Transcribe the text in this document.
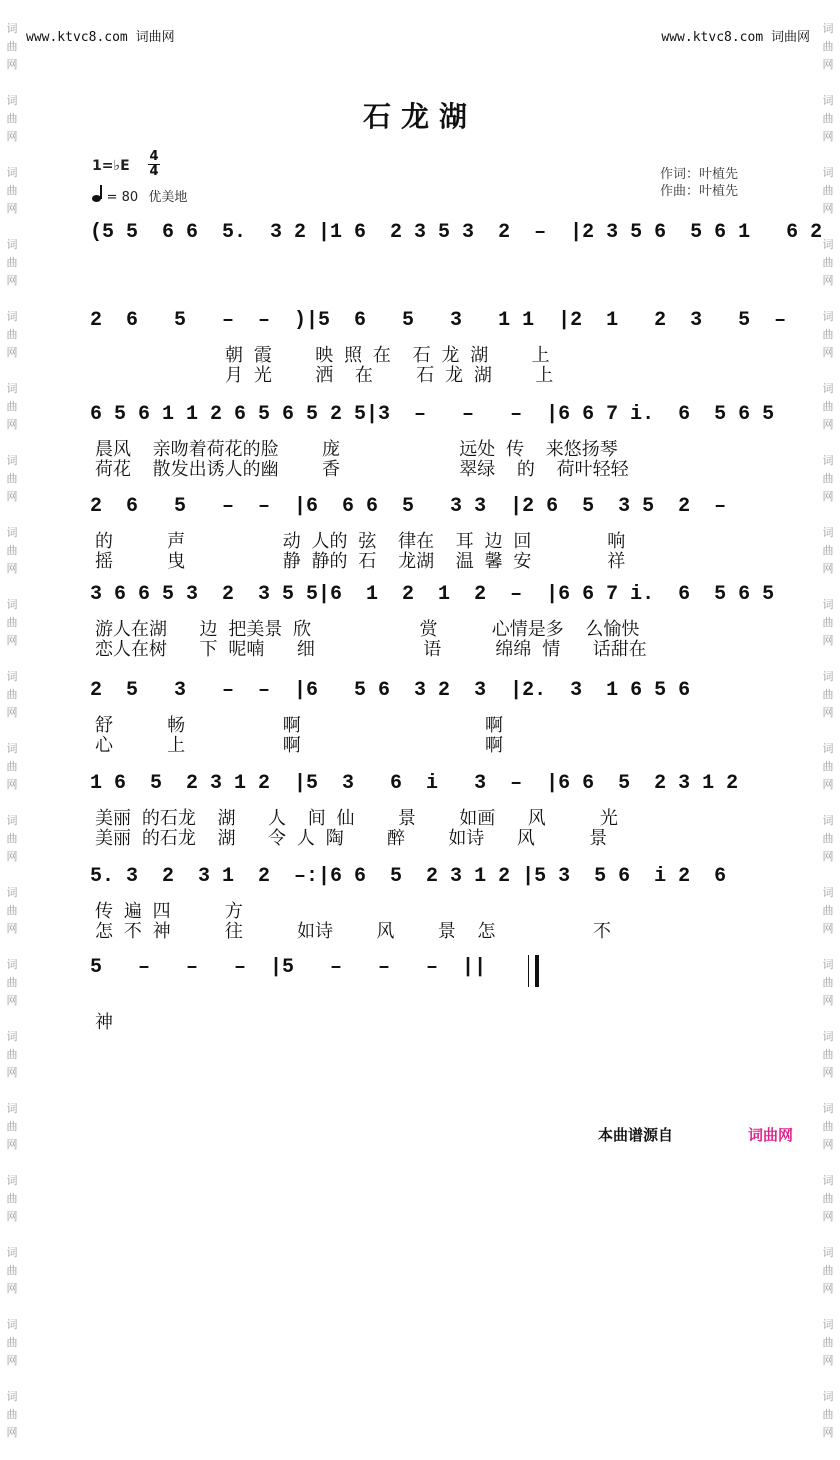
词
曲
网

词
曲
网

词
曲
网

词
曲
网

词
曲
网

词
曲
网

词
曲
网

词
曲
网

词
曲
网

词
曲
网

词
曲
网

词
曲
网

词
曲
网

词
曲
网

词
曲
网

词
曲
网

词
曲
网

词
曲
网

词
曲
网

词
曲
网

词
曲
网

词
曲
网

词
曲
网

词
曲
网

词
曲
网

词
曲
网

词
曲
网

词
曲
网

词
曲
网

词
曲
网

词
曲
网

词
曲
网

词
曲
网

词
曲
网

词
曲
网

词
曲
网

词
曲
网

词
曲
网

词
曲
网

词
曲
网

www.ktvc8.com 词曲网	www.ktvc8.com 词曲网
石龙湖
1=♭E
4
4
= 80 优美地
作词：叶植先
作曲：叶植先
(5 5  6 6  5.  3 2 |1 6  2 3 5 3  2  –  |2 3 5 6  5 6 1   6 2
2  6   5   –  –  )|5  6   5   3   1 1  |2  1   2  3   5  –
朝 霞    映 照 在  石 龙 湖    上
月 光    洒  在    石 龙 湖    上
6 5 6 1 1 2 6 5 6 5 2 5|3  –   –   –  |6 6 7 i.  6  5 6 5
晨风  亲吻着荷花的脸    庞           远处 传  来悠扬琴
荷花  散发出诱人的幽    香           翠绿  的  荷叶轻轻
2  6   5   –  –  |6  6 6  5   3 3  |2 6  5  3 5  2  –
的     声         动 人的 弦  律在  耳 边 回       响
摇     曳         静 静的 石  龙湖  温 馨 安       祥
3 6 6 5 3  2  3 5 5|6  1  2  1  2  –  |6 6 7 i.  6  5 6 5
游人在湖   边 把美景 欣          赏     心情是多  么愉快
恋人在树   下 呢喃   细          语     绵绵 情   话甜在
2  5   3   –  –  |6   5 6  3 2  3  |2.  3  1 6 5 6
舒     畅         啊                 啊
心     上         啊                 啊
1 6  5  2 3 1 2  |5  3   6  i   3  –  |6 6  5  2 3 1 2
美丽 的石龙  湖   人  间 仙    景    如画   风     光
美丽 的石龙  湖   令 人 陶    醉    如诗   风     景
5. 3  2  3 1  2  –:|6 6  5  2 3 1 2 |5 3  5 6  i 2  6
传 遍 四     方
怎 不 神     往     如诗    风    景  怎         不
5   –   –   –  |5   –   –   –  ||
神
本曲谱源自	词曲网
